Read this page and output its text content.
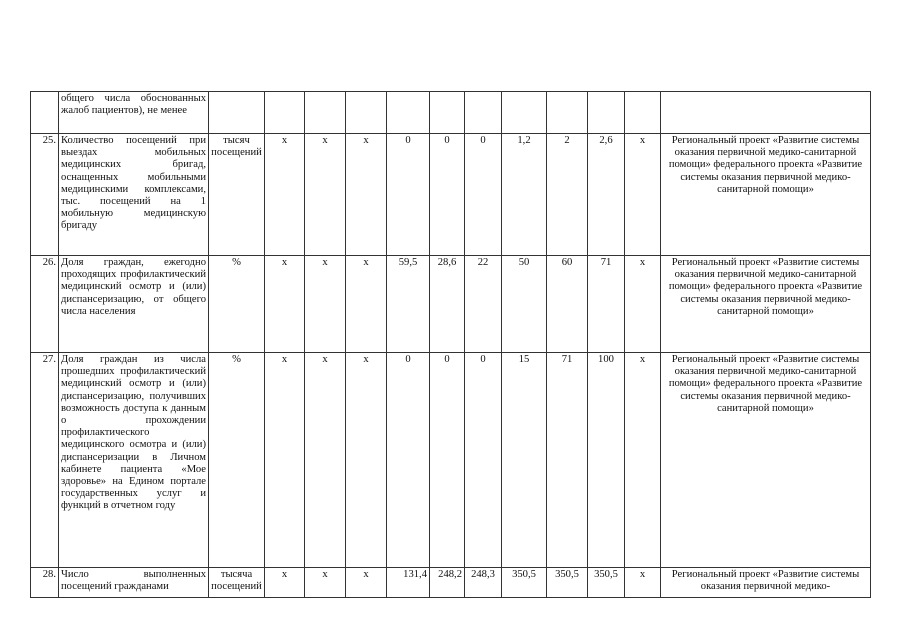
	общего числа обоснованных жалоб пациентов), не менее												
25.	Количество посещений при выездах мобильных медицинских бригад, оснащенных мобильными медицинскими комплексами, тыс. посещений на 1 мобильную медицинскую бригаду	тысяч посещений	x	x	x	0	0	0	1,2	2	2,6	x	Региональный проект «Развитие системы оказания первичной медико-санитарной помощи» федерального проекта «Развитие системы оказания первичной медико-санитарной помощи»
26.	Доля граждан, ежегодно проходящих профилактический медицинский осмотр и (или) диспансеризацию, от общего числа населения	%	x	x	x	59,5	28,6	22	50	60	71	x	Региональный проект «Развитие системы оказания первичной медико-санитарной помощи» федерального проекта «Развитие системы оказания первичной медико-санитарной помощи»
27.	Доля граждан из числа прошедших профилактический медицинский осмотр и (или) диспансеризацию, получивших возможность доступа к данным о прохождении профилактического медицинского осмотра и (или) диспансеризации в Личном кабинете пациента «Мое здоровье» на Едином портале государственных услуг и функций в отчетном году	%	x	x	x	0	0	0	15	71	100	x	Региональный проект «Развитие системы оказания первичной медико-санитарной помощи» федерального проекта «Развитие системы оказания первичной медико-санитарной помощи»
28.	Число выполненных посещений гражданами	тысяча посещений	x	x	x	131,4	248,2	248,3	350,5	350,5	350,5	x	Региональный проект «Развитие системы оказания первичной медико-
